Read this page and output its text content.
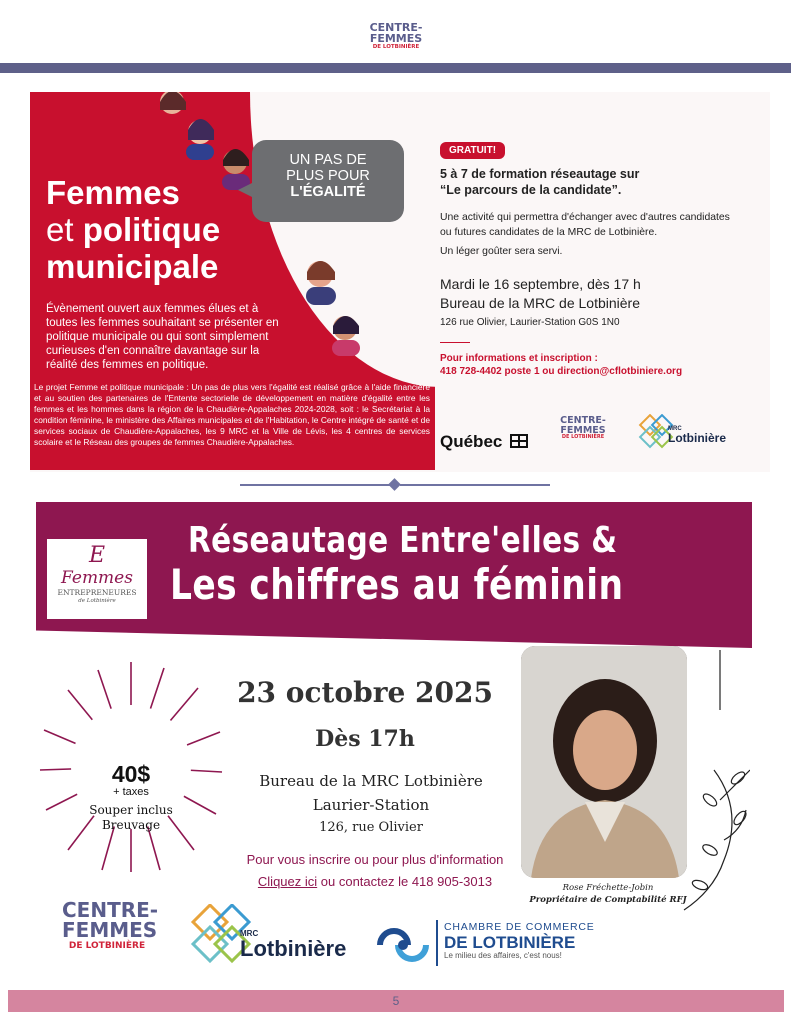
CENTRE-
FEMMES
DE LOTBINIÈRE
Femmes
et politique
municipale
UN PAS DE
PLUS POUR
L'ÉGALITÉ
Évènement ouvert aux femmes élues et à toutes les femmes souhaitant se présenter en politique municipale ou qui sont simplement curieuses d'en connaître davantage sur la réalité des femmes en politique.
Le projet Femme et politique municipale : Un pas de plus vers l'égalité est réalisé grâce à l'aide financière et au soutien des partenaires de l'Entente sectorielle de développement en matière d'égalité entre les femmes et les hommes dans la région de la Chaudière-Appalaches 2024-2028, soit : le Secrétariat à la condition féminine, le ministère des Affaires municipales et de l'Habitation, le Centre intégré de santé et de services sociaux de Chaudière-Appalaches, les 9 MRC et la Ville de Lévis, les 4 centres de services scolaire et le Réseau des groupes de femmes Chaudière-Appalaches.
GRATUIT!
5 à 7 de formation réseautage sur
“Le parcours de la candidate”.
Une activité qui permettra d'échanger avec d'autres candidates ou futures candidates de la MRC de Lotbinière.
Un léger goûter sera servi.
Mardi le 16 septembre, dès 17 h
Bureau de la MRC de Lotbinière
126 rue Olivier, Laurier-Station G0S 1N0
Pour informations et inscription :
418 728-4402 poste 1 ou direction@cflotbiniere.org
Québec
CENTRE-
FEMMES
DE LOTBINIÈRE
MRC
Lotbinière
E
Femmes
ENTREPRENEURES
de Lotbinière
Réseautage Entre'elles &
Les chiffres au féminin
40$
+ taxes
Souper inclus
Breuvage
23 octobre 2025
Dès 17h
Bureau de la MRC Lotbinière
Laurier-Station
126, rue Olivier
Pour vous inscrire ou pour plus d'information
Cliquez ici ou contactez le 418 905-3013	Rose Fréchette-Jobin
Propriétaire de Comptabilité RFJ
CENTRE-
FEMMES
DE LOTBINIÈRE
MRC
Lotbinière
CHAMBRE DE COMMERCE
DE LOTBINIÈRE
Le milieu des affaires, c'est nous!
5
